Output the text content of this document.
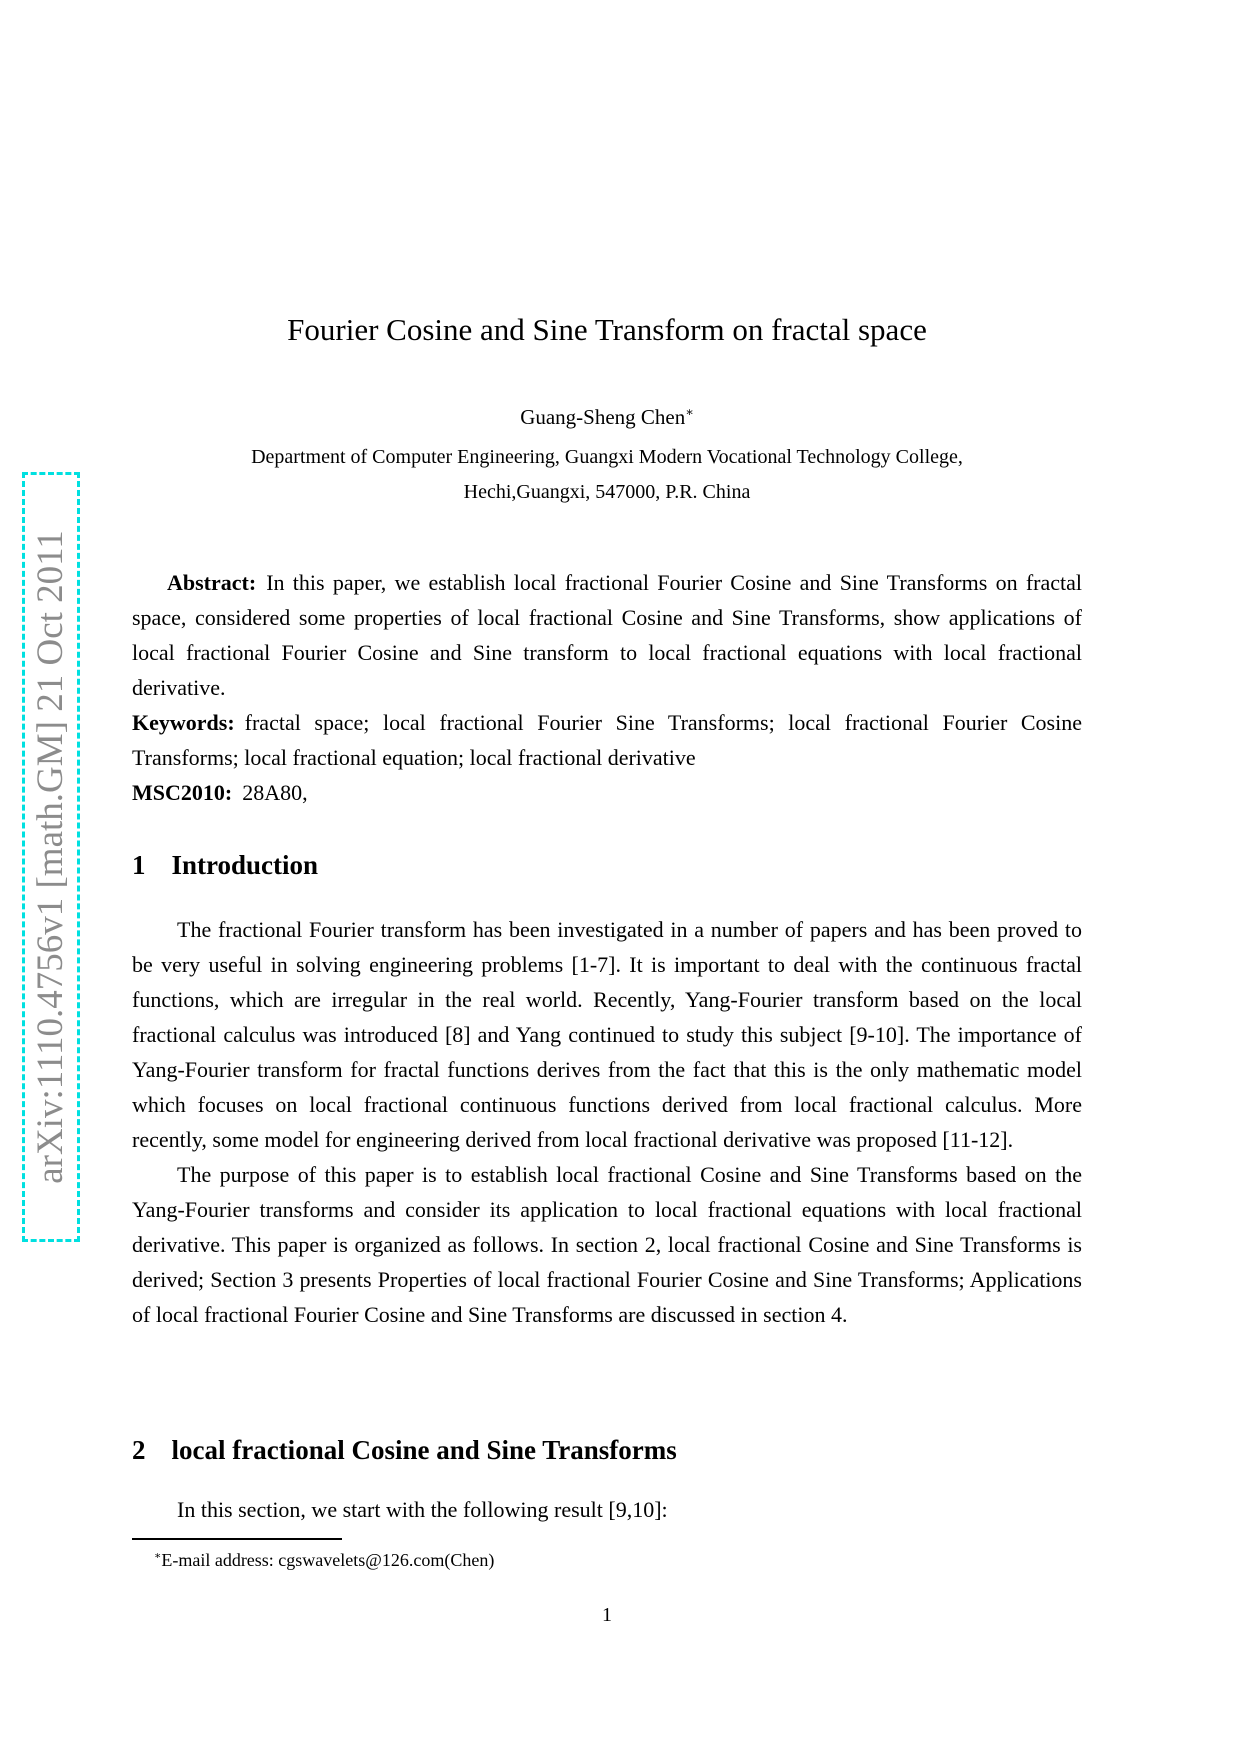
arXiv:1110.4756v1 [math.GM] 21 Oct 2011
Fourier Cosine and Sine Transform on fractal space

Guang-Sheng Chen∗

Department of Computer Engineering, Guangxi Modern Vocational Technology College,

Hechi,Guangxi, 547000, P.R. China

Abstract: In this paper, we establish local fractional Fourier Cosine and Sine Transforms on fractal space, considered some properties of local fractional Cosine and Sine Transforms, show applications of local fractional Fourier Cosine and Sine transform to local fractional equations with local fractional derivative.

Keywords: fractal space; local fractional Fourier Sine Transforms; local fractional Fourier Cosine Transforms; local fractional equation; local fractional derivative

MSC2010: 28A80,

1 Introduction

The fractional Fourier transform has been investigated in a number of papers and has been proved to be very useful in solving engineering problems [1-7]. It is important to deal with the continuous fractal functions, which are irregular in the real world. Recently, Yang-Fourier transform based on the local fractional calculus was introduced [8] and Yang continued to study this subject [9-10]. The importance of Yang-Fourier transform for fractal functions derives from the fact that this is the only mathematic model which focuses on local fractional continuous functions derived from local fractional calculus. More recently, some model for engineering derived from local fractional derivative was proposed [11-12].

The purpose of this paper is to establish local fractional Cosine and Sine Transforms based on the Yang-Fourier transforms and consider its application to local fractional equations with local fractional derivative. This paper is organized as follows. In section 2, local fractional Cosine and Sine Transforms is derived; Section 3 presents Properties of local fractional Fourier Cosine and Sine Transforms; Applications of local fractional Fourier Cosine and Sine Transforms are discussed in section 4.

2 local fractional Cosine and Sine Transforms

In this section, we start with the following result [9,10]:

∗E-mail address: cgswavelets@126.com(Chen)

1
